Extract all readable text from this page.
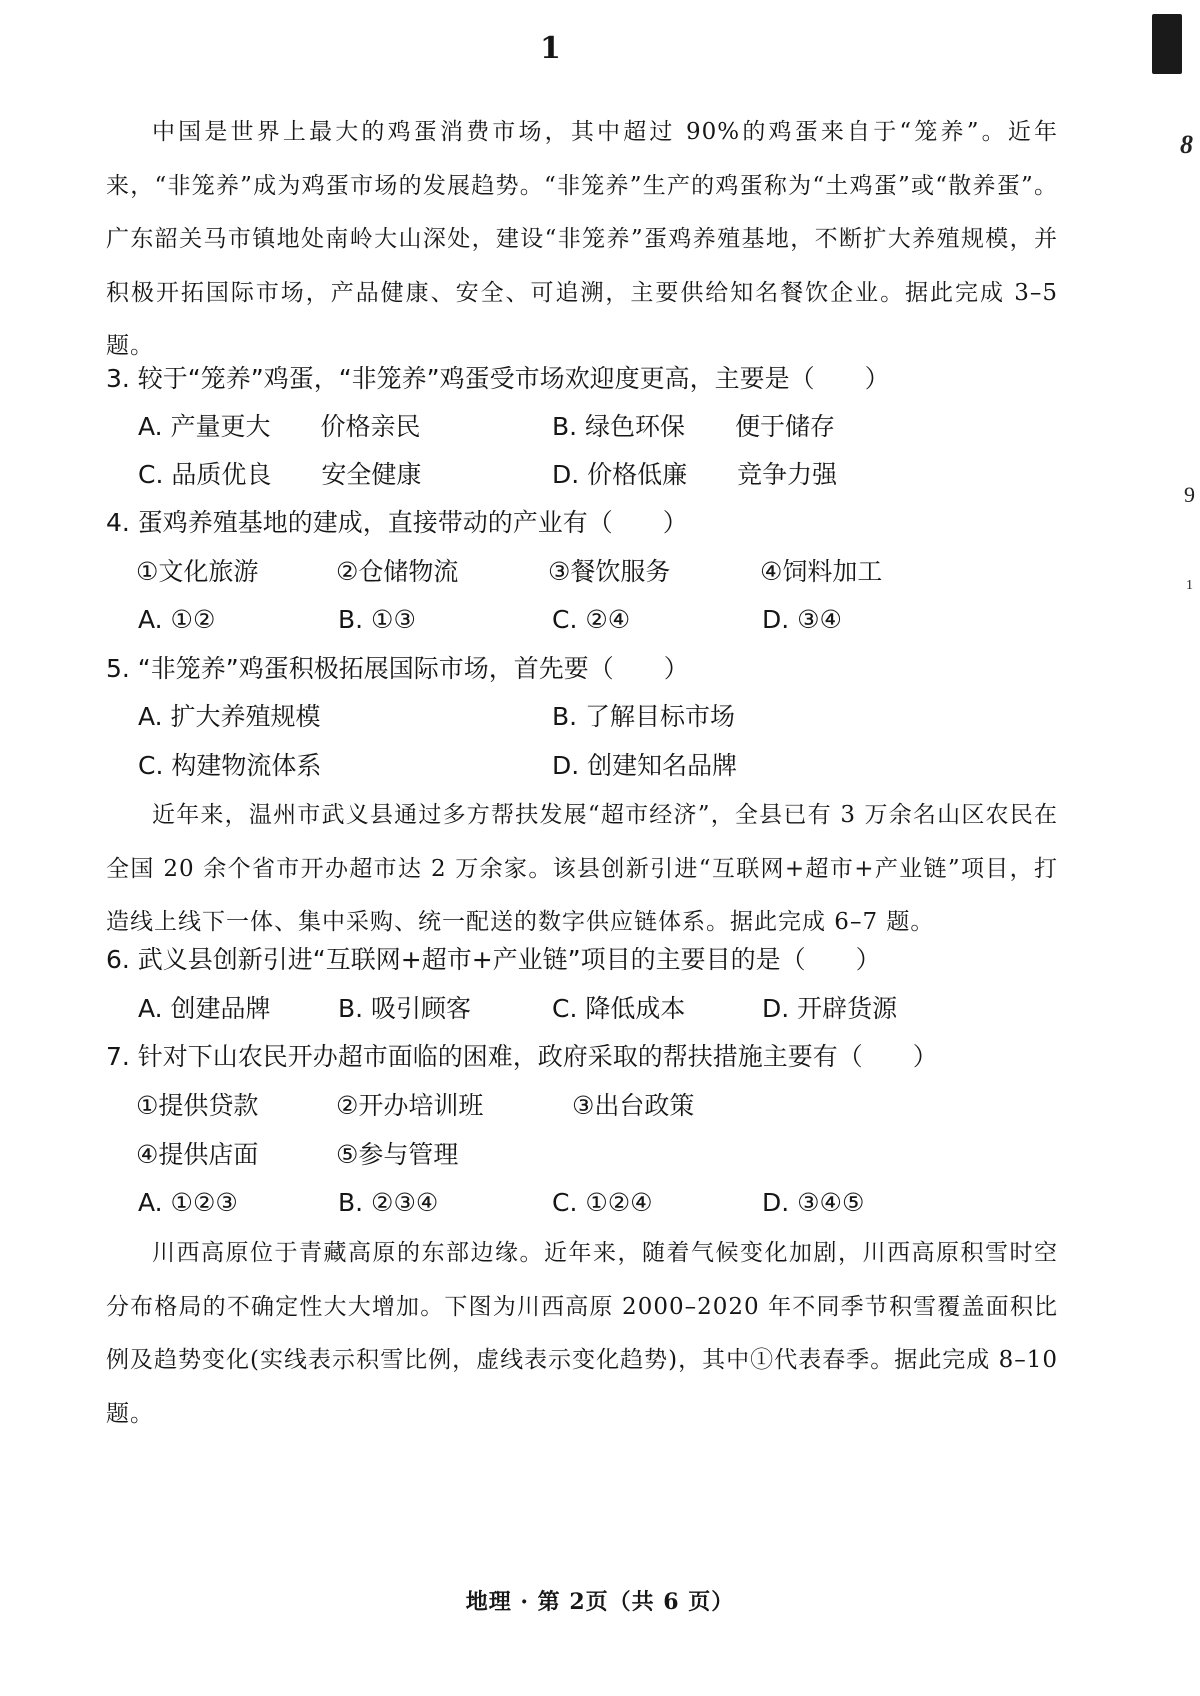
1
8
9
1
中国是世界上最大的鸡蛋消费市场，其中超过 90%的鸡蛋来自于“笼养”。近年来，“非笼养”成为鸡蛋市场的发展趋势。“非笼养”生产的鸡蛋称为“土鸡蛋”或“散养蛋”。广东韶关马市镇地处南岭大山深处，建设“非笼养”蛋鸡养殖基地，不断扩大养殖规模，并积极开拓国际市场，产品健康、安全、可追溯，主要供给知名餐饮企业。据此完成 3–5 题。
3. 较于“笼养”鸡蛋，“非笼养”鸡蛋受市场欢迎度更高，主要是（　　）
A. 产量更大　　价格亲民	B. 绿色环保　　便于储存
C. 品质优良　　安全健康	D. 价格低廉　　竞争力强
4. 蛋鸡养殖基地的建成，直接带动的产业有（　　）
①文化旅游	②仓储物流	③餐饮服务	④饲料加工
A. ①②	B. ①③	C. ②④	D. ③④
5. “非笼养”鸡蛋积极拓展国际市场，首先要（　　）
A. 扩大养殖规模	B. 了解目标市场
C. 构建物流体系	D. 创建知名品牌
近年来，温州市武义县通过多方帮扶发展“超市经济”，全县已有 3 万余名山区农民在全国 20 余个省市开办超市达 2 万余家。该县创新引进“互联网+超市+产业链”项目，打造线上线下一体、集中采购、统一配送的数字供应链体系。据此完成 6–7 题。
6. 武义县创新引进“互联网+超市+产业链”项目的主要目的是（　　）
A. 创建品牌	B. 吸引顾客	C. 降低成本	D. 开辟货源
7. 针对下山农民开办超市面临的困难，政府采取的帮扶措施主要有（　　）
①提供贷款	②开办培训班	③出台政策
④提供店面	⑤参与管理
A. ①②③	B. ②③④	C. ①②④	D. ③④⑤
川西高原位于青藏高原的东部边缘。近年来，随着气候变化加剧，川西高原积雪时空分布格局的不确定性大大增加。下图为川西高原 2000–2020 年不同季节积雪覆盖面积比例及趋势变化(实线表示积雪比例，虚线表示变化趋势)，其中①代表春季。据此完成 8–10 题。
地理 · 第 2页（共 6 页）
